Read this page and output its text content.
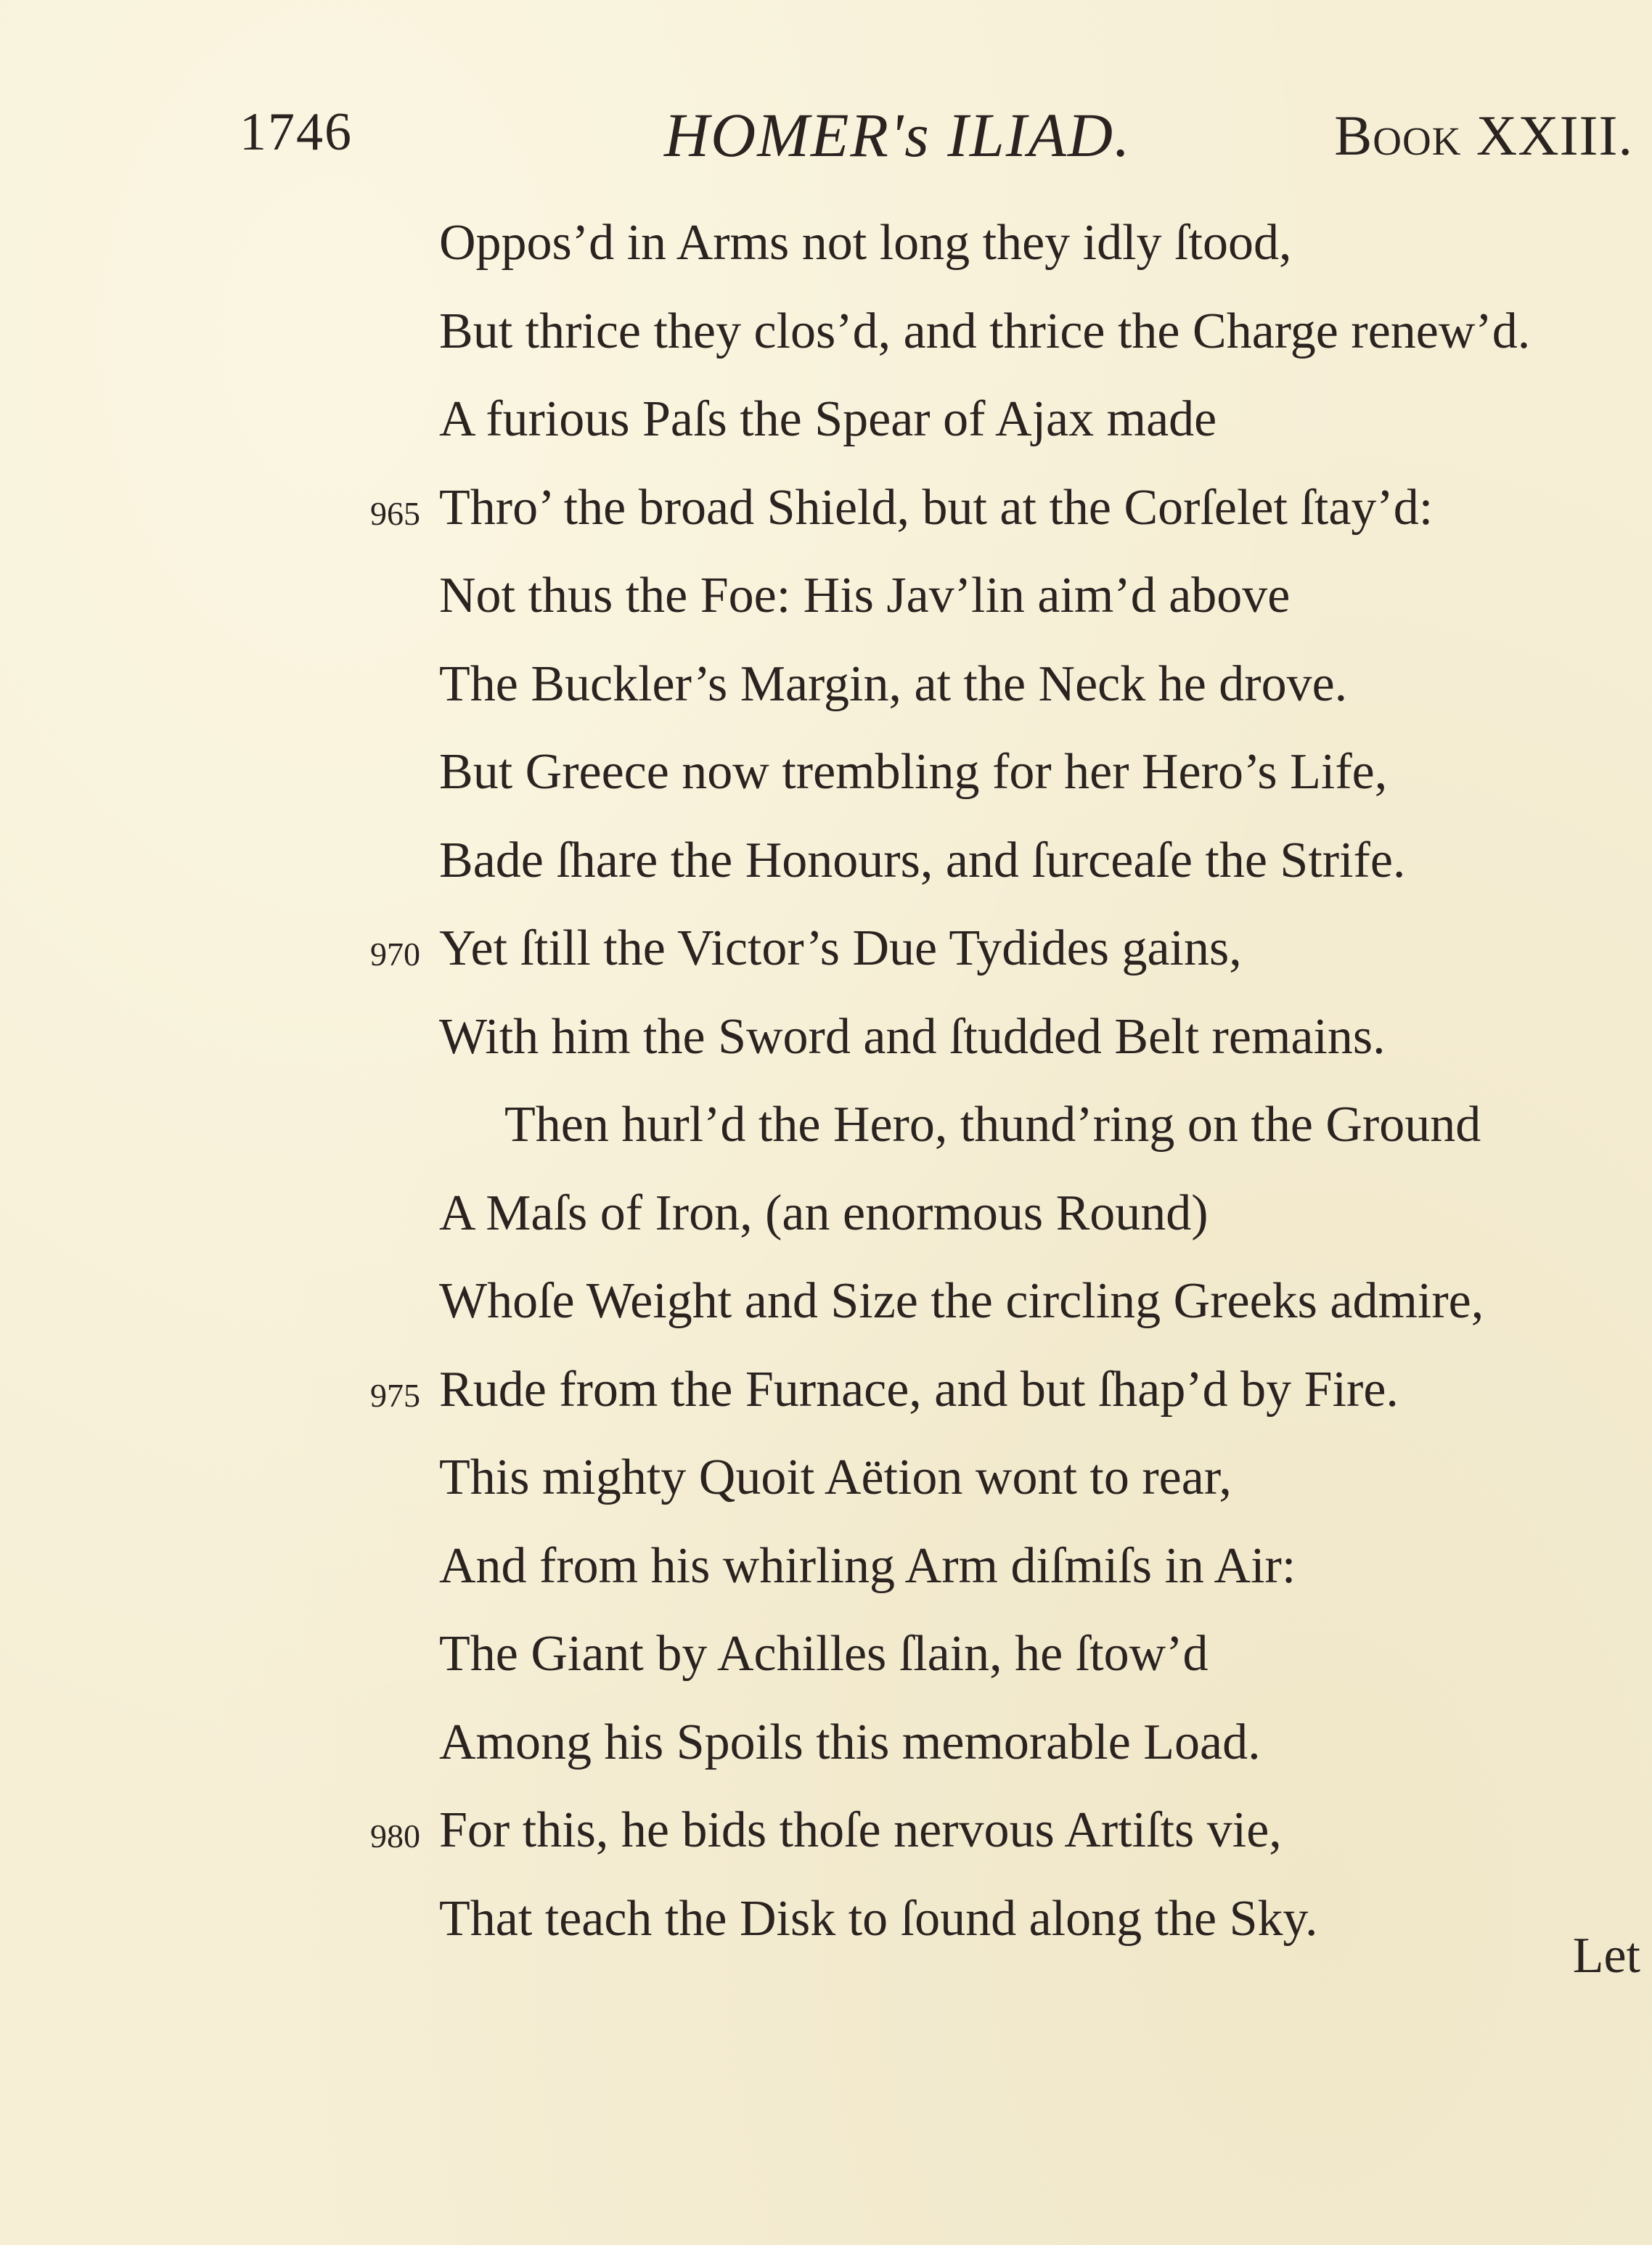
1746	HOMER's ILIAD.	Book XXIII.
Oppos’d in Arms not long they idly ſtood,
But thrice they clos’d, and thrice the Charge renew’d.
A furious Paſs the Spear of Ajax made
965 Thro’ the broad Shield, but at the Corſelet ſtay’d:
Not thus the Foe: His Jav’lin aim’d above
The Buckler’s Margin, at the Neck he drove.
But Greece now trembling for her Hero’s Life,
Bade ſhare the Honours, and ſurceaſe the Strife.
970 Yet ſtill the Victor’s Due Tydides gains,
With him the Sword and ſtudded Belt remains.
Then hurl’d the Hero, thund’ring on the Ground
A Maſs of Iron, (an enormous Round)
Whoſe Weight and Size the circling Greeks admire,
975 Rude from the Furnace, and but ſhap’d by Fire.
This mighty Quoit Aëtion wont to rear,
And from his whirling Arm diſmiſs in Air:
The Giant by Achilles ſlain, he ſtow’d
Among his Spoils this memorable Load.
980 For this, he bids thoſe nervous Artiſts vie,
That teach the Disk to ſound along the Sky.
Let
